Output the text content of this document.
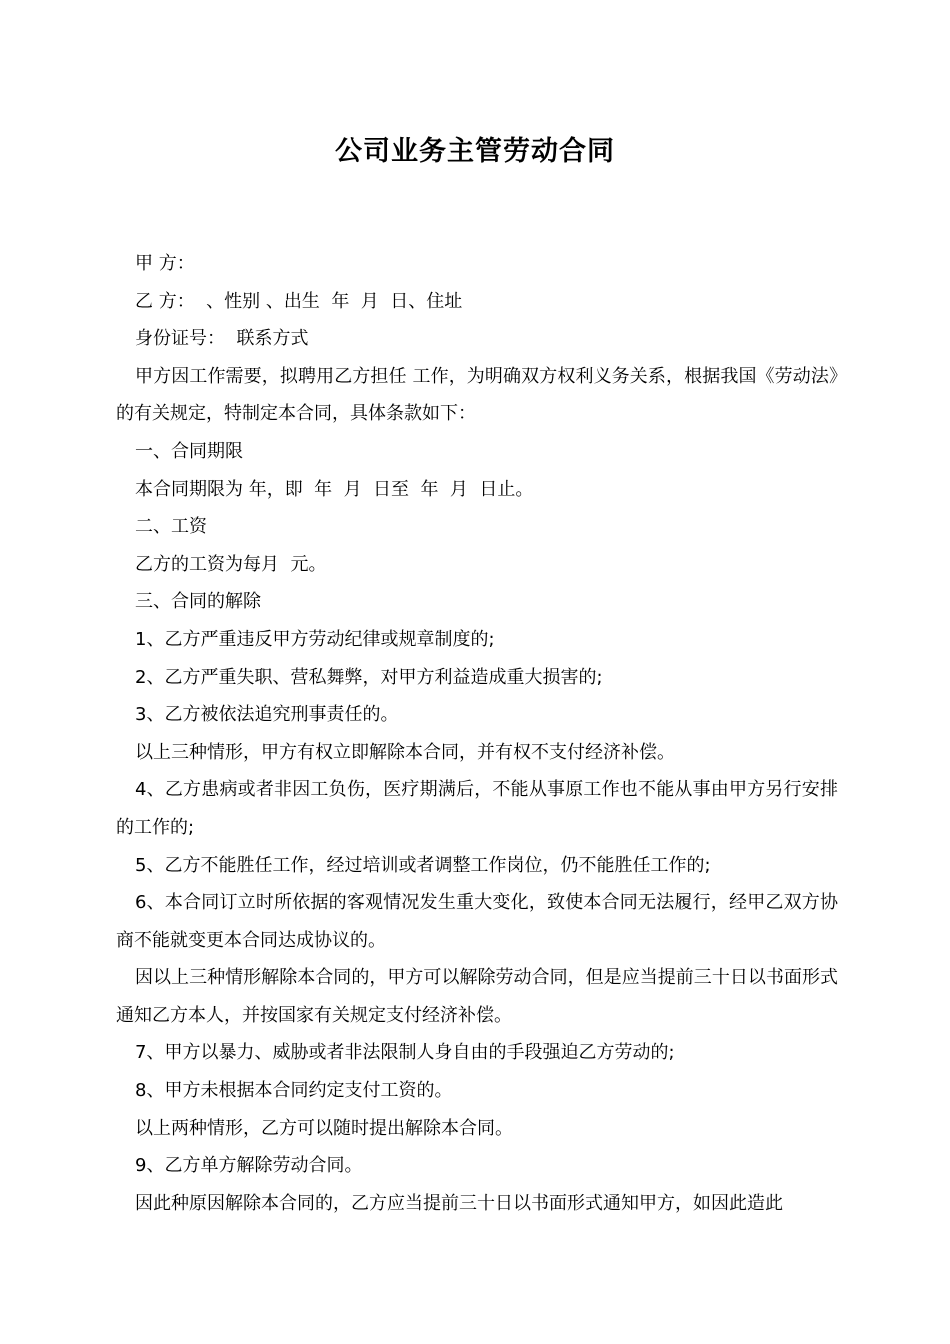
公司业务主管劳动合同

甲 方：

乙 方：  、性别 、出生  年  月  日、住址

身份证号：  联系方式

甲方因工作需要，拟聘用乙方担任 工作，为明确双方权利义务关系，根据我国《劳动法》的有关规定，特制定本合同，具体条款如下：

一、合同期限

本合同期限为 年，即  年  月  日至  年  月  日止。

二、工资

乙方的工资为每月  元。

三、合同的解除

1、乙方严重违反甲方劳动纪律或规章制度的;

2、乙方严重失职、营私舞弊，对甲方利益造成重大损害的;

3、乙方被依法追究刑事责任的。

以上三种情形，甲方有权立即解除本合同，并有权不支付经济补偿。

4、乙方患病或者非因工负伤，医疗期满后，不能从事原工作也不能从事由甲方另行安排的工作的;

5、乙方不能胜任工作，经过培训或者调整工作岗位，仍不能胜任工作的;

6、本合同订立时所依据的客观情况发生重大变化，致使本合同无法履行，经甲乙双方协商不能就变更本合同达成协议的。

因以上三种情形解除本合同的，甲方可以解除劳动合同，但是应当提前三十日以书面形式通知乙方本人，并按国家有关规定支付经济补偿。

7、甲方以暴力、威胁或者非法限制人身自由的手段强迫乙方劳动的;

8、甲方未根据本合同约定支付工资的。

以上两种情形，乙方可以随时提出解除本合同。

9、乙方单方解除劳动合同。

因此种原因解除本合同的，乙方应当提前三十日以书面形式通知甲方，如因此造此
